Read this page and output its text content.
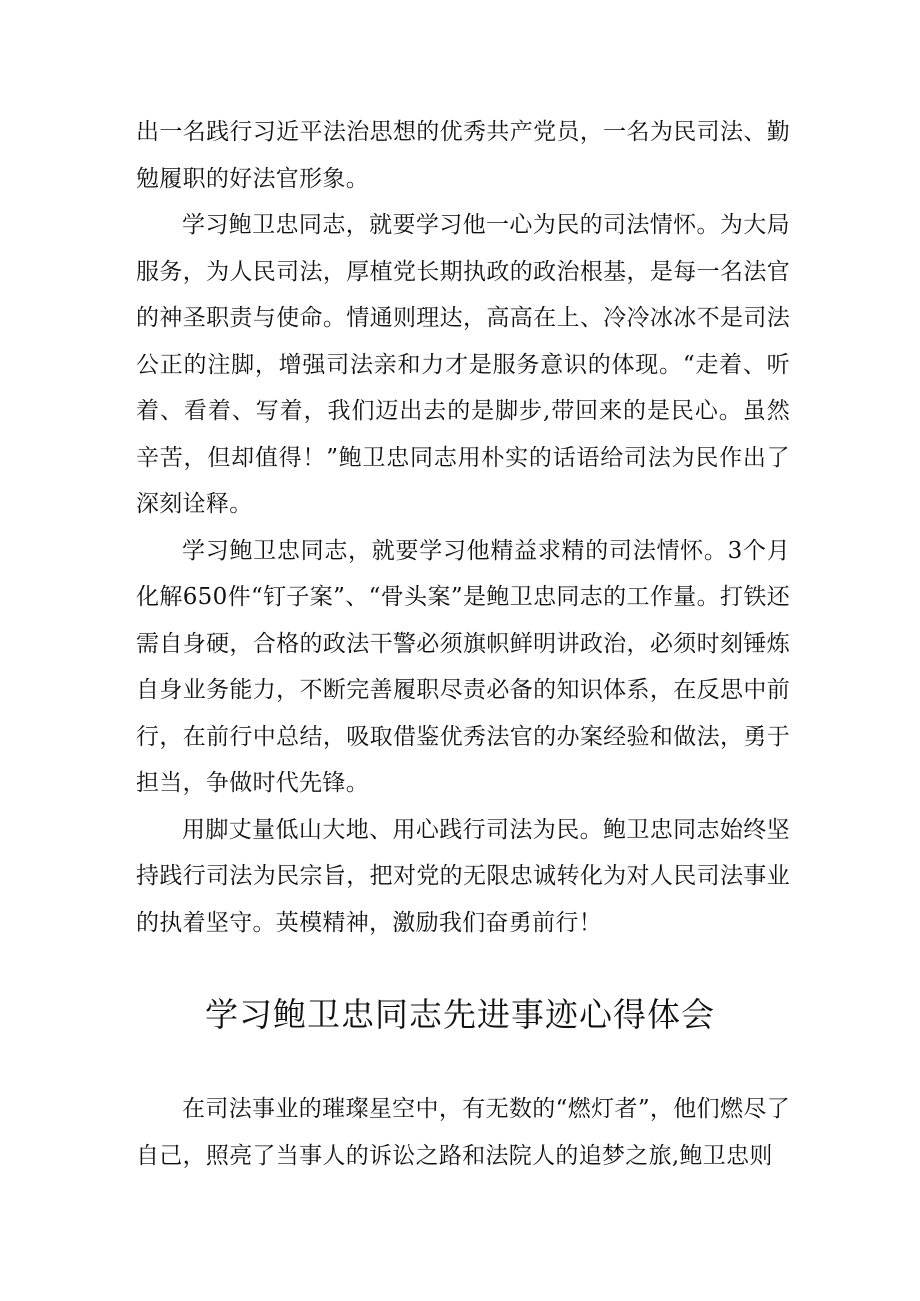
出一名践行习近平法治思想的优秀共产党员，一名为民司法、勤勉履职的好法官形象。

学习鲍卫忠同志，就要学习他一心为民的司法情怀。为大局服务，为人民司法，厚植党长期执政的政治根基，是每一名法官的神圣职责与使命。情通则理达，高高在上、冷冷冰冰不是司法公正的注脚，增强司法亲和力才是服务意识的体现。“走着、听着、看着、写着，我们迈出去的是脚步,带回来的是民心。虽然辛苦，但却值得！”鲍卫忠同志用朴实的话语给司法为民作出了深刻诠释。

学习鲍卫忠同志，就要学习他精益求精的司法情怀。3个月化解650件“钉子案”、“骨头案”是鲍卫忠同志的工作量。打铁还需自身硬，合格的政法干警必须旗帜鲜明讲政治，必须时刻锤炼自身业务能力，不断完善履职尽责必备的知识体系，在反思中前行，在前行中总结，吸取借鉴优秀法官的办案经验和做法，勇于担当，争做时代先锋。

用脚丈量低山大地、用心践行司法为民。鲍卫忠同志始终坚持践行司法为民宗旨，把对党的无限忠诚转化为对人民司法事业的执着坚守。英模精神，激励我们奋勇前行！

学习鲍卫忠同志先进事迹心得体会

在司法事业的璀璨星空中，有无数的“燃灯者”，他们燃尽了自己，照亮了当事人的诉讼之路和法院人的追梦之旅,鲍卫忠则
